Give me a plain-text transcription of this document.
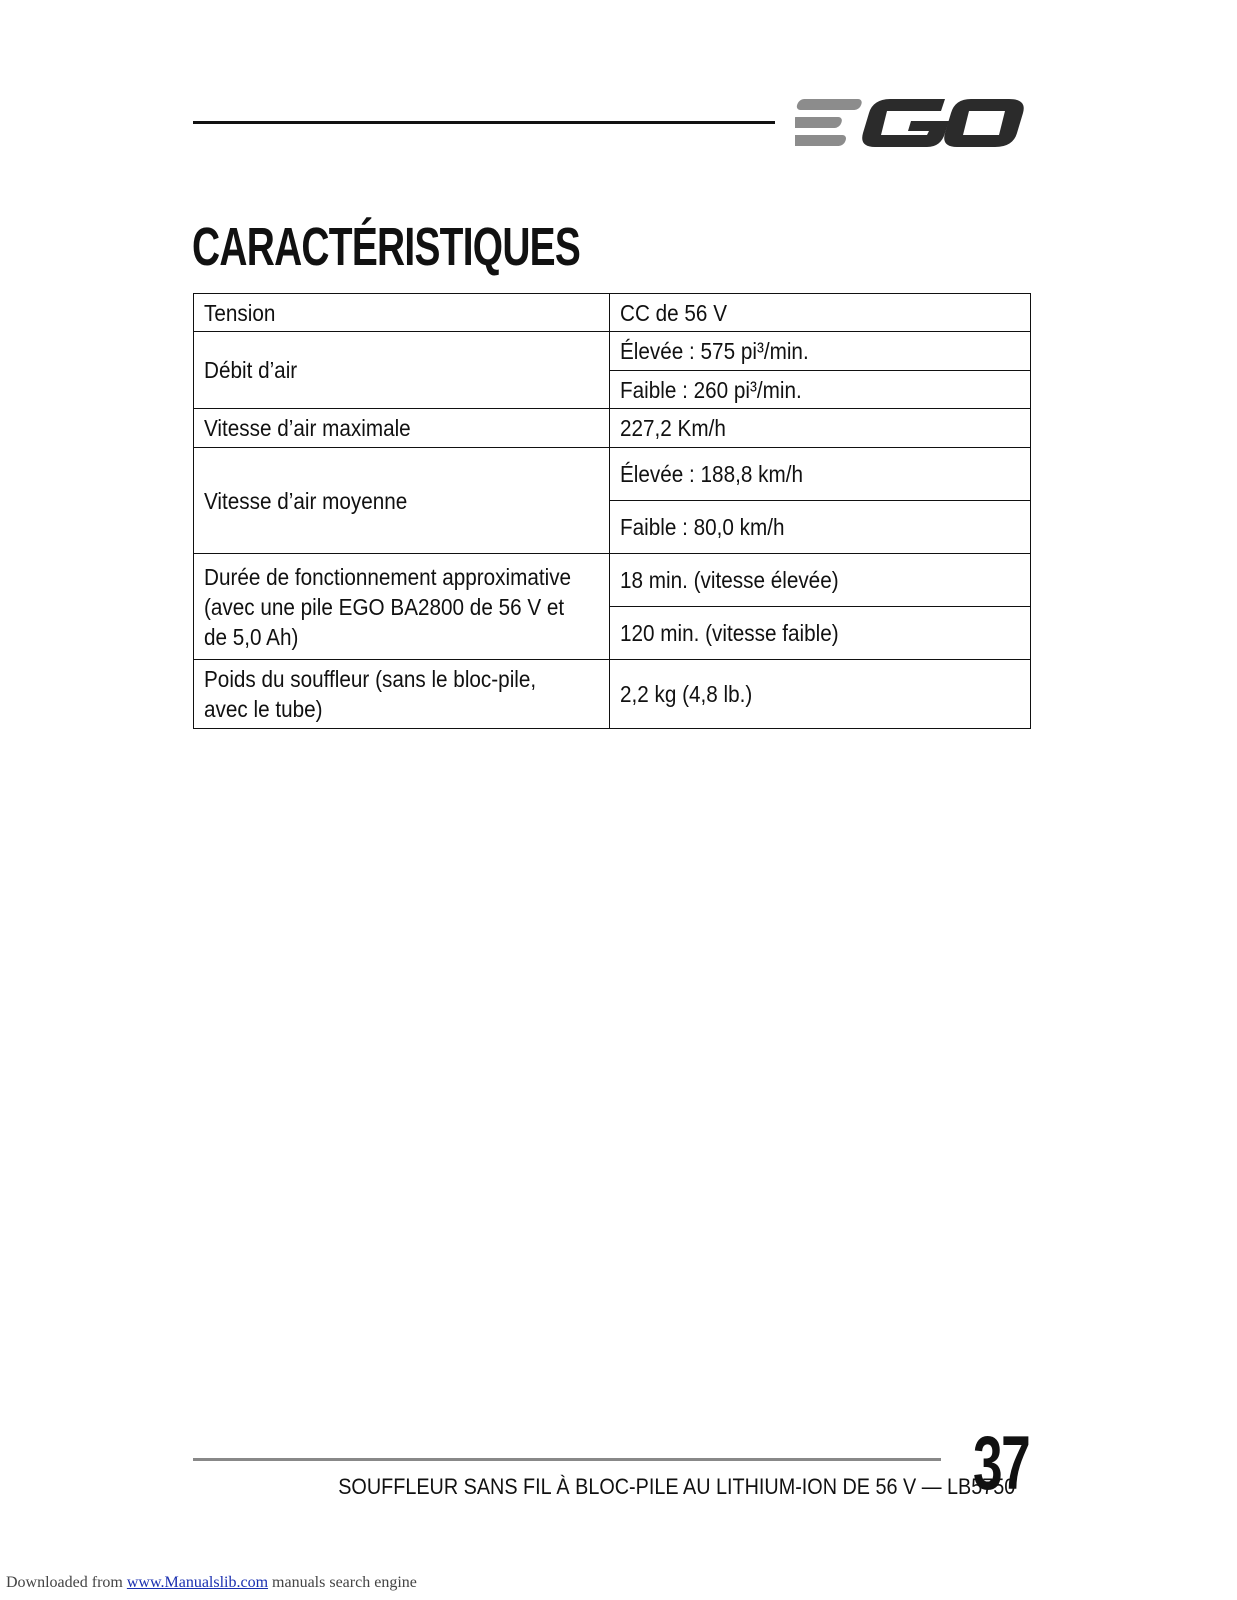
CARACTÉRISTIQUES
Tension	CC de 56 V
Débit d’air	Élevée : 575 pi³/min.
	Faible : 260 pi³/min.
Vitesse d’air maximale	227,2 Km/h
Vitesse d’air moyenne	Élevée : 188,8 km/h
	Faible : 80,0 km/h
Durée de fonctionnement approximative
(avec une pile EGO BA2800 de 56 V et
de 5,0 Ah)	18 min. (vitesse élevée)
	120 min. (vitesse faible)
Poids du souffleur (sans le bloc-pile,
avec le tube)	2,2 kg (4,8 lb.)
SOUFFLEUR SANS FIL À BLOC-PILE AU LITHIUM-ION DE 56 V — LB5750
37
Downloaded from www.Manualslib.com manuals search engine
